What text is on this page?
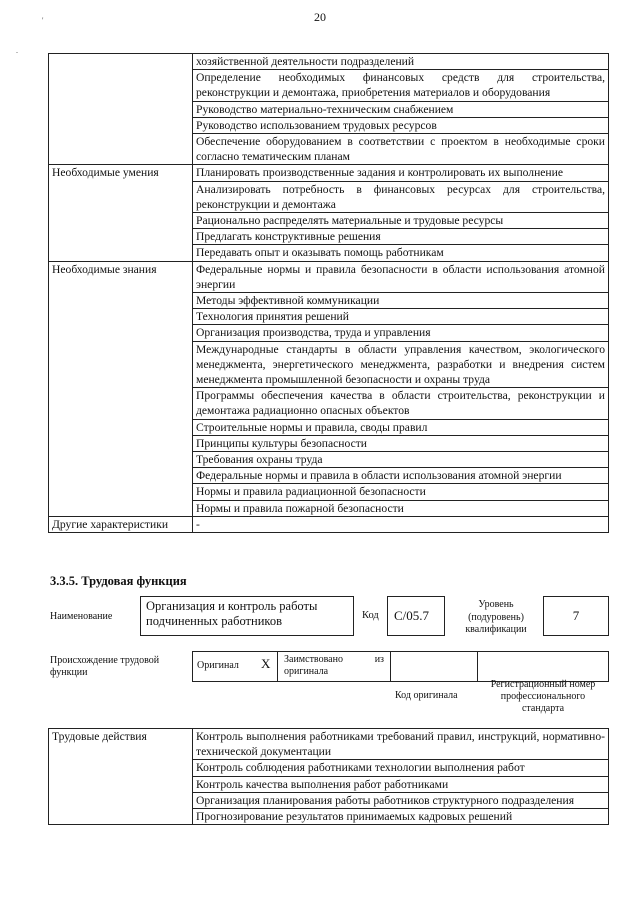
20
'
.
	хозяйственной деятельности подразделений
	Определение необходимых финансовых средств для строительства, реконструкции и демонтажа, приобретения материалов и оборудования
	Руководство материально-техническим снабжением
	Руководство использованием трудовых ресурсов
	Обеспечение оборудованием в соответствии с проектом в необходимые сроки согласно тематическим планам
Необходимые умения	Планировать производственные задания и контролировать их выполнение
	Анализировать потребность в финансовых ресурсах для строительства, реконструкции и демонтажа
	Рационально распределять материальные и трудовые ресурсы
	Предлагать конструктивные решения
	Передавать опыт и оказывать помощь работникам
Необходимые знания	Федеральные нормы и правила безопасности в области использования атомной энергии
	Методы эффективной коммуникации
	Технология принятия решений
	Организация производства, труда и управления
	Международные стандарты в области управления качеством, экологического менеджмента, энергетического менеджмента, разработки и внедрения систем менеджмента промышленной безопасности и охраны труда
	Программы обеспечения качества в области строительства, реконструкции и демонтажа радиационно опасных объектов
	Строительные нормы и правила, своды правил
	Принципы культуры безопасности
	Требования охраны труда
	Федеральные нормы и правила в области использования атомной энергии
	Нормы и правила радиационной безопасности
	Нормы и правила пожарной безопасности
Другие характеристики	-
3.3.5. Трудовая функция
Наименование
Организация и контроль работы подчиненных работников	Код	С/05.7
Уровень (подуровень) квалификации
7
Происхождение трудовой функции
Оригинал X	Заимствовано из оригинала
Код оригинала
Регистрационный номер профессионального стандарта
Трудовые действия	Контроль выполнения работниками требований правил, инструкций, нормативно-технической документации
Контроль соблюдения работниками технологии выполнения работ
Контроль качества выполнения работ работниками
Организация планирования работы работников структурного подразделения
Прогнозирование результатов принимаемых кадровых решений
